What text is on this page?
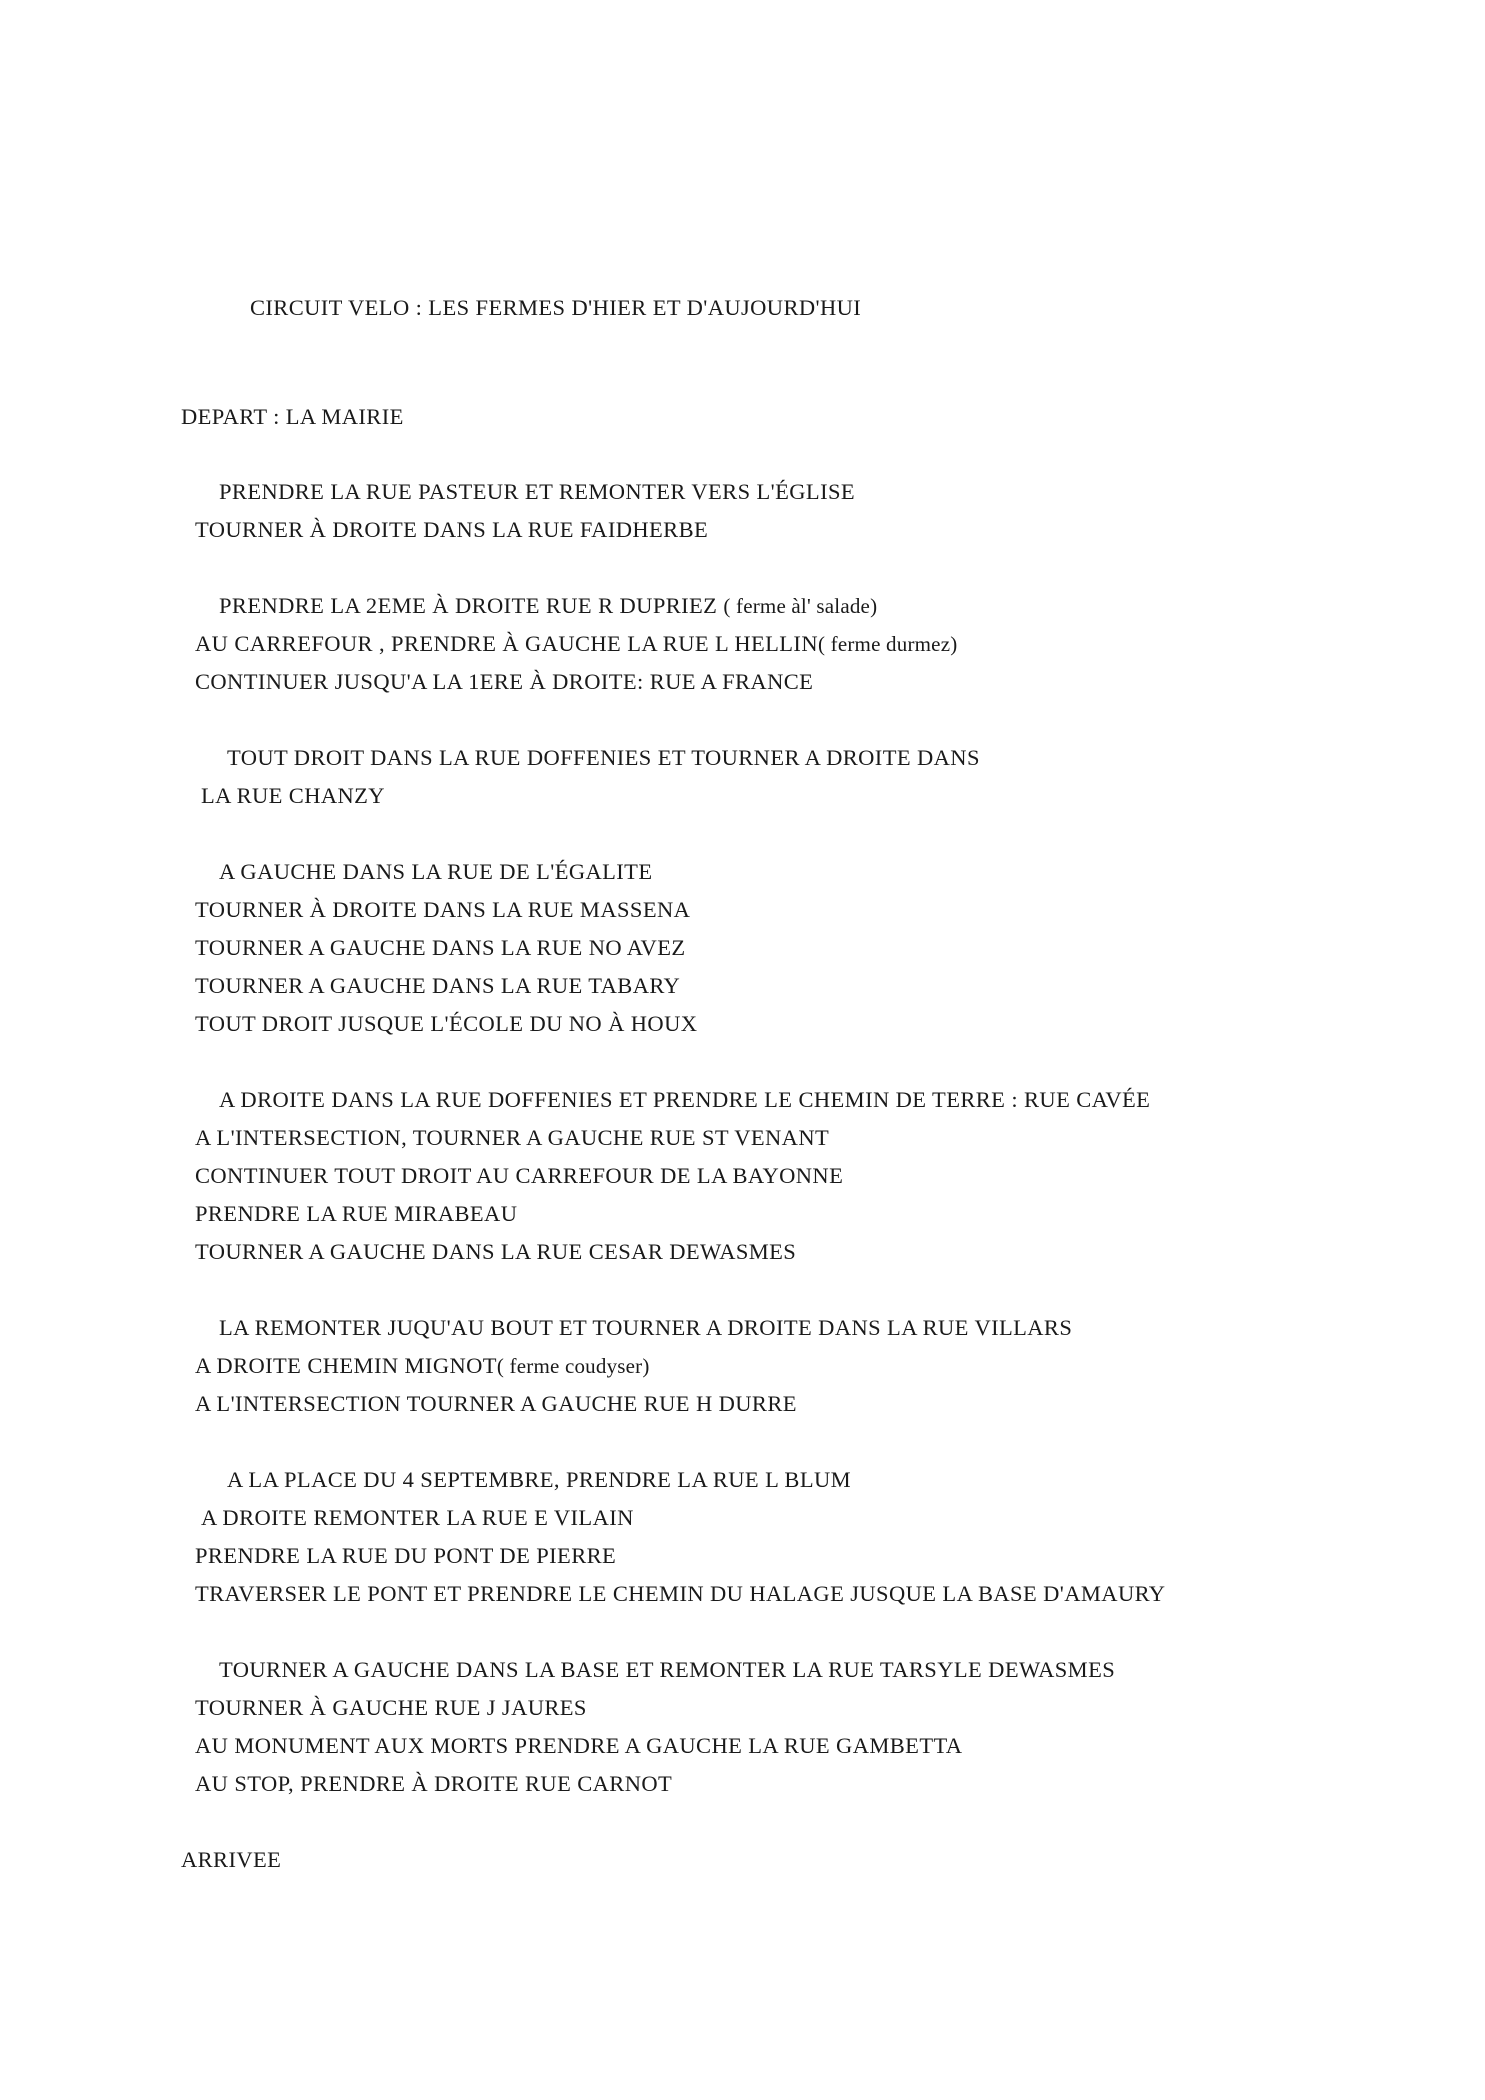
CIRCUIT VELO : LES FERMES D'HIER ET D'AUJOURD'HUI
DEPART : LA MAIRIE
PRENDRE LA RUE PASTEUR ET REMONTER VERS L'ÉGLISE
TOURNER À DROITE DANS LA RUE FAIDHERBE
PRENDRE LA 2EME À DROITE RUE R DUPRIEZ ( ferme àl' salade)
AU CARREFOUR , PRENDRE À GAUCHE LA RUE L HELLIN( ferme durmez)
CONTINUER JUSQU'A LA 1ERE À DROITE: RUE A FRANCE
TOUT DROIT DANS LA RUE DOFFENIES ET TOURNER A DROITE DANS
LA RUE CHANZY
A GAUCHE DANS LA RUE DE L'ÉGALITE
TOURNER À DROITE DANS LA RUE MASSENA
TOURNER A GAUCHE DANS LA RUE NO AVEZ
TOURNER A GAUCHE DANS LA RUE TABARY
TOUT DROIT JUSQUE L'ÉCOLE DU NO À HOUX
A DROITE DANS LA RUE DOFFENIES ET PRENDRE LE CHEMIN DE TERRE : RUE CAVÉE
A L'INTERSECTION, TOURNER A GAUCHE RUE ST VENANT
CONTINUER TOUT DROIT AU CARREFOUR DE LA BAYONNE
PRENDRE LA RUE MIRABEAU
TOURNER A GAUCHE DANS LA RUE CESAR DEWASMES
LA REMONTER JUQU'AU BOUT ET TOURNER A DROITE DANS LA RUE VILLARS
A DROITE CHEMIN MIGNOT( ferme coudyser)
A L'INTERSECTION TOURNER A GAUCHE RUE H DURRE
A LA PLACE DU 4 SEPTEMBRE, PRENDRE LA RUE L BLUM
A DROITE REMONTER LA RUE E VILAIN
PRENDRE LA RUE DU PONT DE PIERRE
TRAVERSER LE PONT ET PRENDRE LE CHEMIN DU HALAGE JUSQUE LA BASE D'AMAURY
TOURNER A GAUCHE DANS LA BASE ET REMONTER LA RUE TARSYLE DEWASMES
TOURNER À GAUCHE RUE J JAURES
AU MONUMENT AUX MORTS PRENDRE A GAUCHE LA RUE GAMBETTA
AU STOP, PRENDRE À DROITE RUE CARNOT
ARRIVEE
